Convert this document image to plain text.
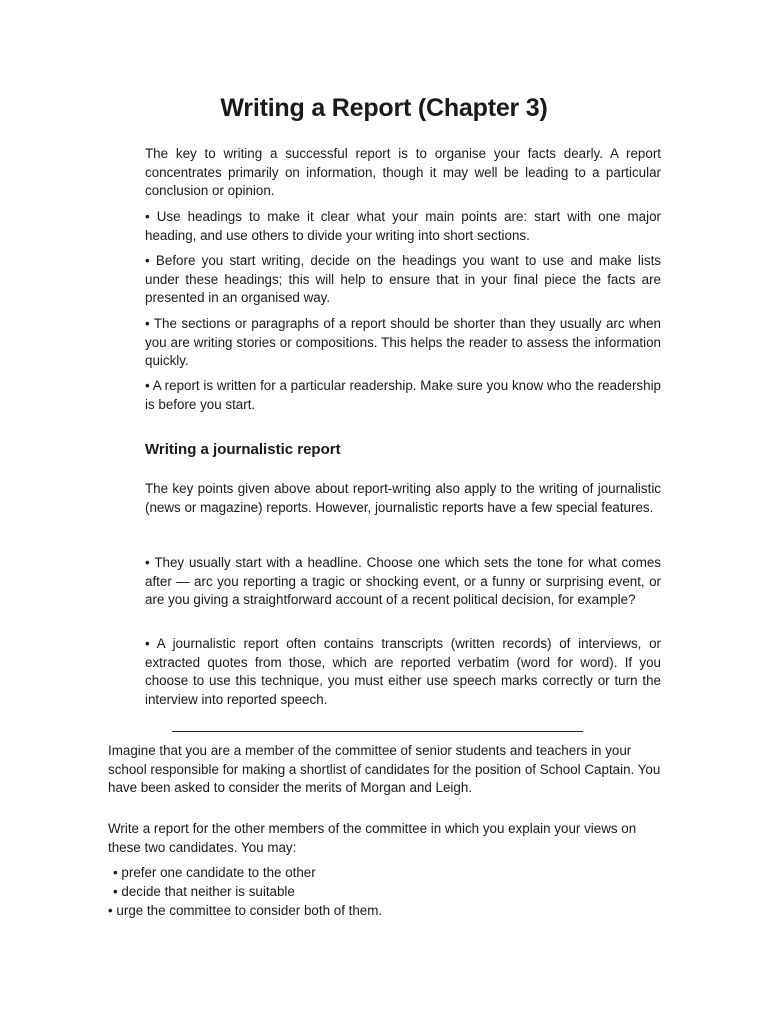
Writing a Report (Chapter 3)

The key to writing a successful report is to organise your facts dearly. A report concentrates primarily on information, though it may well be leading to a particular conclusion or opinion.

• Use headings to make it clear what your main points are: start with one major heading, and use others to divide your writing into short sections.

• Before you start writing, decide on the headings you want to use and make lists under these headings; this will help to ensure that in your final piece the facts are presented in an organised way.

• The sections or paragraphs of a report should be shorter than they usually arc when you are writing stories or compositions. This helps the reader to assess the information quickly.

• A report is written for a particular readership. Make sure you know who the readership is before you start.

Writing a journalistic report

The key points given above about report-writing also apply to the writing of journalistic (news or magazine) reports. However, journalistic reports have a few special features.

• They usually start with a headline. Choose one which sets the tone for what comes after — arc you reporting a tragic or shocking event, or a funny or surprising event, or are you giving a straightforward account of a recent political decision, for example?

• A journalistic report often contains transcripts (written records) of interviews, or extracted quotes from those, which are reported verbatim (word for word). If you choose to use this technique, you must either use speech marks correctly or turn the interview into reported speech.

Imagine that you are a member of the committee of senior students and teachers in your school responsible for making a shortlist of candidates for the position of School Captain. You have been asked to consider the merits of Morgan and Leigh.

Write a report for the other members of the committee in which you explain your views on these two candidates. You may:

• prefer one candidate to the other

• decide that neither is suitable

• urge the committee to consider both of them.
